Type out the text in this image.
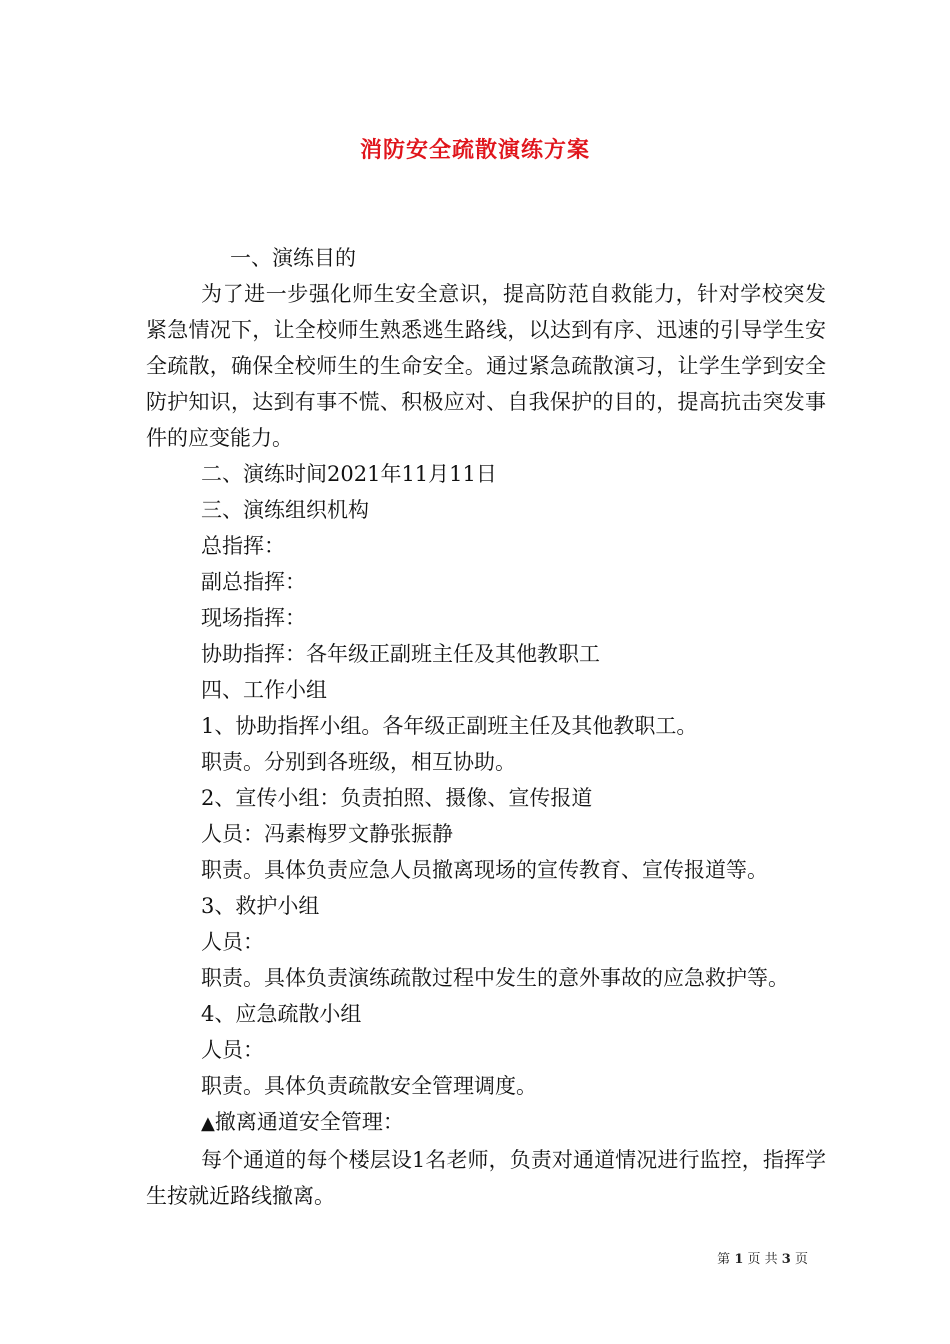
消防安全疏散演练方案

一、演练目的

为了进一步强化师生安全意识，提高防范自救能力，针对学校突发紧急情况下，让全校师生熟悉逃生路线，以达到有序、迅速的引导学生安全疏散，确保全校师生的生命安全。通过紧急疏散演习，让学生学到安全防护知识，达到有事不慌、积极应对、自我保护的目的，提高抗击突发事件的应变能力。

二、演练时间2021年11月11日

三、演练组织机构

总指挥：

副总指挥：

现场指挥：

协助指挥：各年级正副班主任及其他教职工

四、工作小组

1、协助指挥小组。各年级正副班主任及其他教职工。

职责。分别到各班级，相互协助。

2、宣传小组：负责拍照、摄像、宣传报道

人员：冯素梅罗文静张振静

职责。具体负责应急人员撤离现场的宣传教育、宣传报道等。

3、救护小组

人员：

职责。具体负责演练疏散过程中发生的意外事故的应急救护等。

4、应急疏散小组

人员：

职责。具体负责疏散安全管理调度。

▲撤离通道安全管理：

每个通道的每个楼层设1名老师，负责对通道情况进行监控，指挥学生按就近路线撤离。

第 1 页 共 3 页
